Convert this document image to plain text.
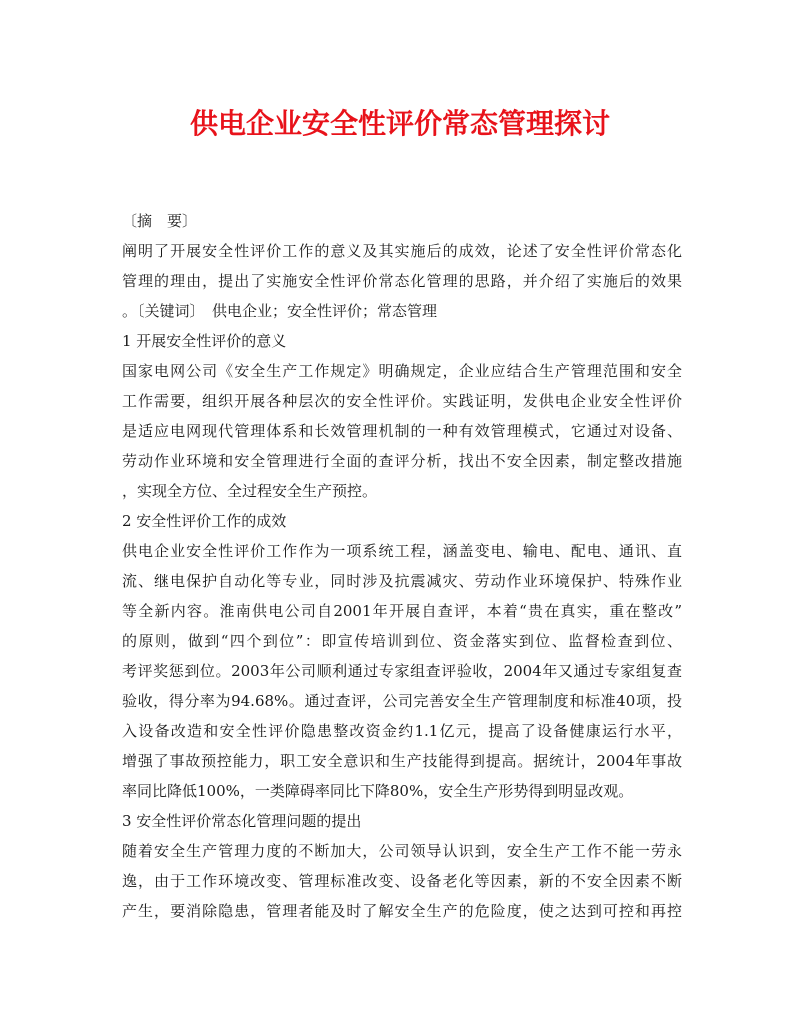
供电企业安全性评价常态管理探讨
〔摘　要〕
阐明了开展安全性评价工作的意义及其实施后的成效，论述了安全性评价常态化
管理的理由，提出了实施安全性评价常态化管理的思路，并介绍了实施后的效果
。〔关键词〕　供电企业；安全性评价；常态管理
1 开展安全性评价的意义
国家电网公司《安全生产工作规定》明确规定，企业应结合生产管理范围和安全
工作需要，组织开展各种层次的安全性评价。实践证明，发供电企业安全性评价
是适应电网现代管理体系和长效管理机制的一种有效管理模式，它通过对设备、
劳动作业环境和安全管理进行全面的查评分析，找出不安全因素，制定整改措施
，实现全方位、全过程安全生产预控。
2 安全性评价工作的成效
供电企业安全性评价工作作为一项系统工程，涵盖变电、输电、配电、通讯、直
流、继电保护自动化等专业，同时涉及抗震减灾、劳动作业环境保护、特殊作业
等全新内容。淮南供电公司自2001年开展自查评，本着“贵在真实，重在整改”
的原则，做到“四个到位”：即宣传培训到位、资金落实到位、监督检查到位、
考评奖惩到位。2003年公司顺利通过专家组查评验收，2004年又通过专家组复查
验收，得分率为94.68%。通过查评，公司完善安全生产管理制度和标准40项，投
入设备改造和安全性评价隐患整改资金约1.1亿元，提高了设备健康运行水平，
增强了事故预控能力，职工安全意识和生产技能得到提高。据统计，2004年事故
率同比降低100%，一类障碍率同比下降80%，安全生产形势得到明显改观。
3 安全性评价常态化管理问题的提出
随着安全生产管理力度的不断加大，公司领导认识到，安全生产工作不能一劳永
逸，由于工作环境改变、管理标准改变、设备老化等因素，新的不安全因素不断
产生，要消除隐患，管理者能及时了解安全生产的危险度，使之达到可控和再控
